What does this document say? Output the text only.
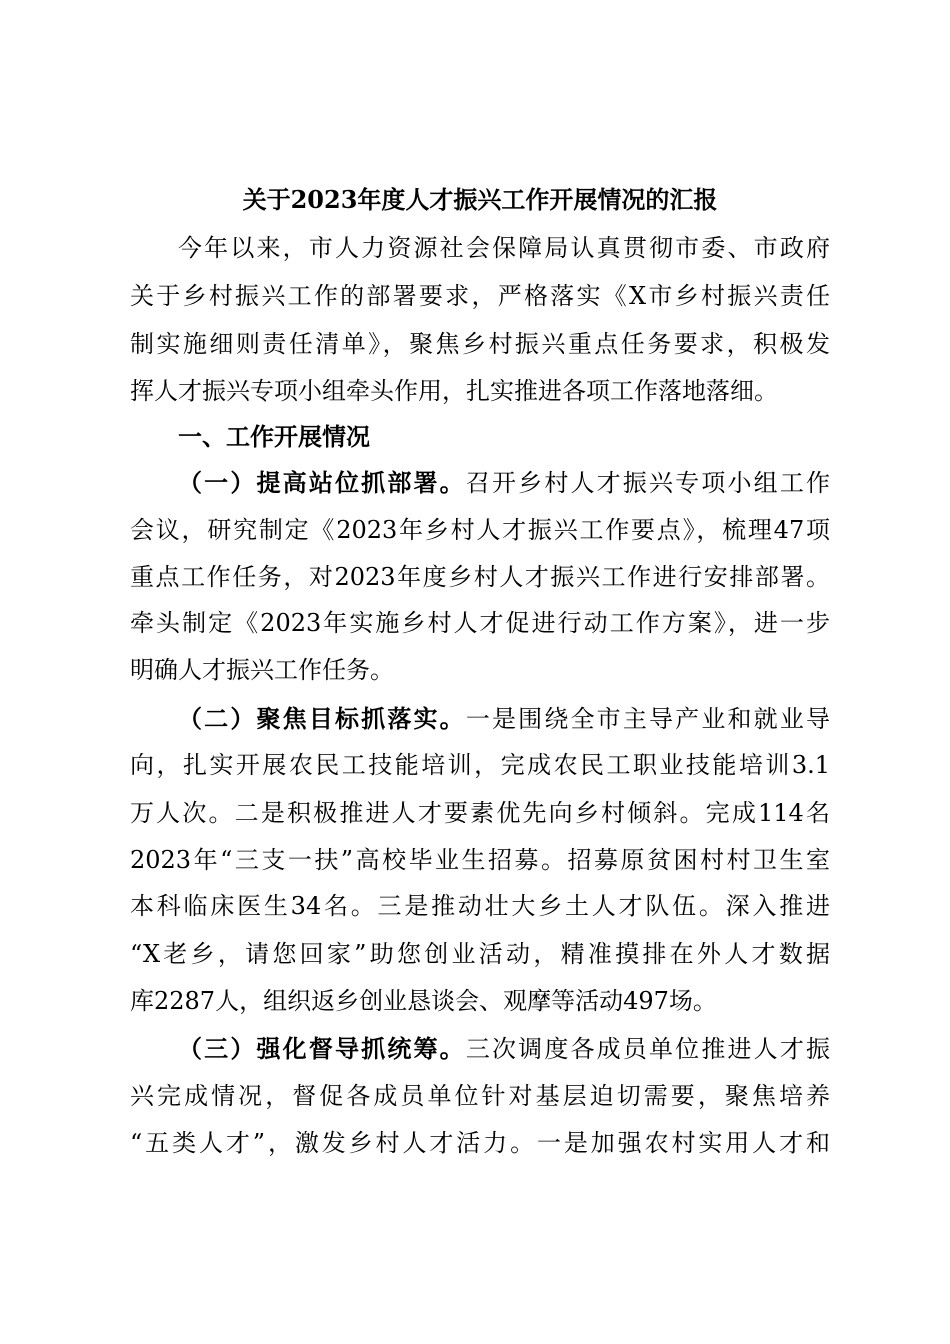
关于2023年度人才振兴工作开展情况的汇报
今年以来，市人力资源社会保障局认真贯彻市委、市政府
关于乡村振兴工作的部署要求，严格落实《X市乡村振兴责任
制实施细则责任清单》，聚焦乡村振兴重点任务要求，积极发
挥人才振兴专项小组牵头作用，扎实推进各项工作落地落细。
一、工作开展情况
（一）提高站位抓部署。召开乡村人才振兴专项小组工作
会议，研究制定《2023年乡村人才振兴工作要点》，梳理47项
重点工作任务，对2023年度乡村人才振兴工作进行安排部署。
牵头制定《2023年实施乡村人才促进行动工作方案》，进一步
明确人才振兴工作任务。
（二）聚焦目标抓落实。一是围绕全市主导产业和就业导
向，扎实开展农民工技能培训，完成农民工职业技能培训3.1
万人次。二是积极推进人才要素优先向乡村倾斜。完成114名
2023年“三支一扶”高校毕业生招募。招募原贫困村村卫生室
本科临床医生34名。三是推动壮大乡土人才队伍。深入推进
“X老乡，请您回家”助您创业活动，精准摸排在外人才数据
库2287人，组织返乡创业恳谈会、观摩等活动497场。
（三）强化督导抓统筹。三次调度各成员单位推进人才振
兴完成情况，督促各成员单位针对基层迫切需要，聚焦培养
“五类人才”，激发乡村人才活力。一是加强农村实用人才和
